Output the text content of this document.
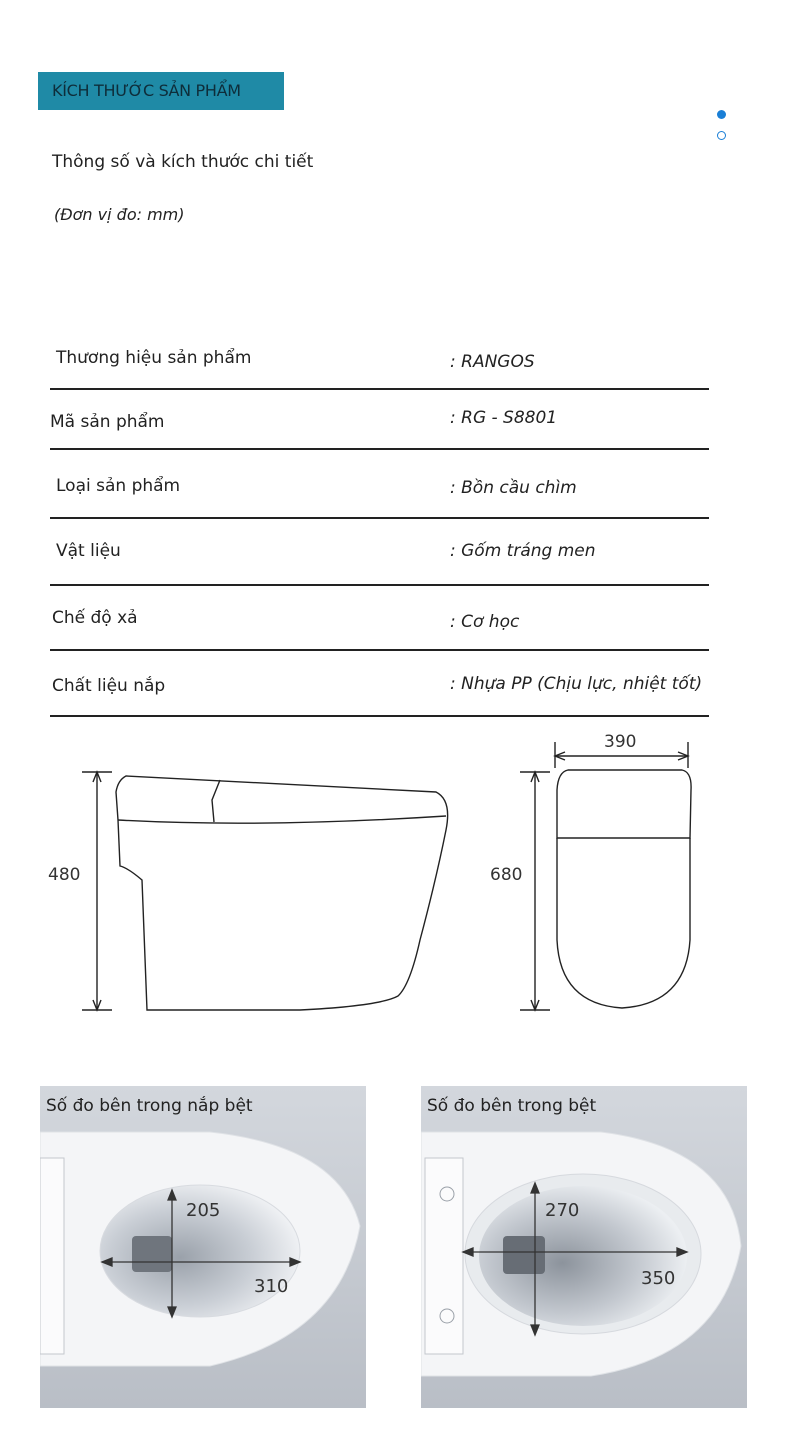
KÍCH THƯỚC SẢN PHẨM
Thông số và kích thước chi tiết
(Đơn vị đo: mm)
Thương hiệu sản phẩm	: RANGOS
Mã sản phẩm	: RG - S8801
Loại sản phẩm	: Bồn cầu chìm
Vật liệu	: Gốm tráng men
Chế độ xả	: Cơ học
Chất liệu nắp	: Nhựa PP (Chịu lực, nhiệt tốt)
480	680
390
205
310
Số đo bên trong nắp bệt
270
350
Số đo bên trong bệt
